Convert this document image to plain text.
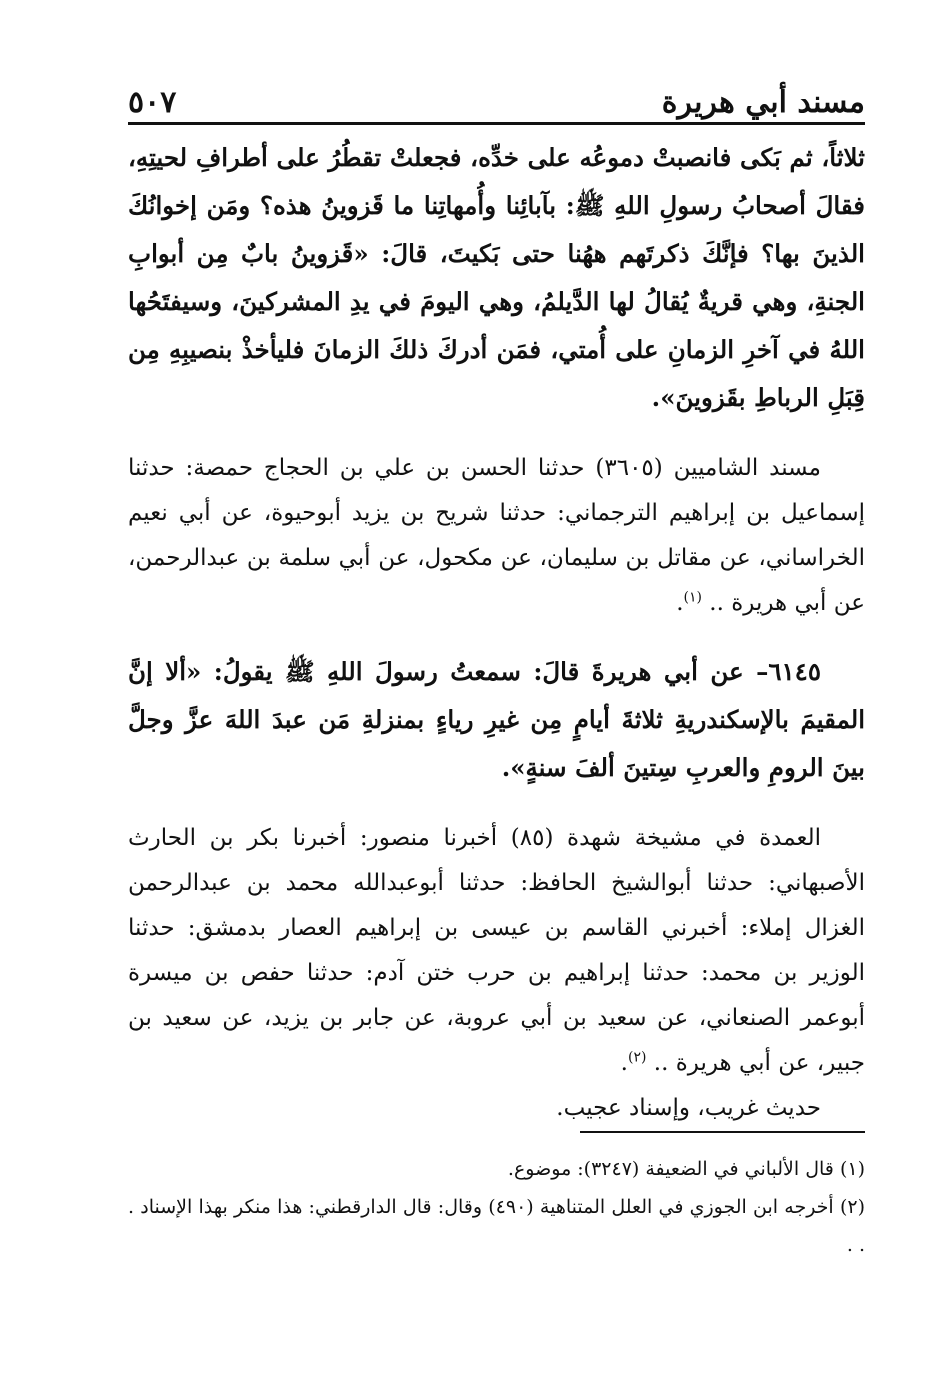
مسند أبي هريرة
٥٠٧

ثلاثاً، ثم بَكى فانصبتْ دموعُه على خدِّه، فجعلتْ تقطُرُ على أطرافِ لحيتِهِ، فقالَ أصحابُ رسولِ اللهِ ﷺ: بآبائِنا وأُمهاتِنا ما قَزوينُ هذه؟ ومَن إخوانُكَ الذينَ بها؟ فإنَّكَ ذكرتَهم ههُنا حتى بَكيتَ، قالَ: «قَزوينُ بابٌ مِن أبوابِ الجنةِ، وهي قريةٌ يُقالُ لها الدَّيلمُ، وهي اليومَ في يدِ المشركينَ، وسيفتَحُها اللهُ في آخرِ الزمانِ على أُمتي، فمَن أدركَ ذلكَ الزمانَ فليأخذْ بنصيبِهِ مِن قِبَلِ الرباطِ بقَزوينَ».

مسند الشاميين (٣٦٠٥) حدثنا الحسن بن علي بن الحجاج حمصة: حدثنا إسماعيل بن إبراهيم الترجماني: حدثنا شريح بن يزيد أبوحيوة، عن أبي نعيم الخراساني، عن مقاتل بن سليمان، عن مكحول، عن أبي سلمة بن عبدالرحمن، عن أبي هريرة .. $^{(١)}$.

٦١٤٥– عن أبي هريرةَ قالَ: سمعتُ رسولَ اللهِ ﷺ يقولُ: «ألا إنَّ المقيمَ بالإسكندريةِ ثلاثةَ أيامٍ مِن غيرِ رياءٍ بمنزلةِ مَن عبدَ اللهَ عزَّ وجلَّ بينَ الرومِ والعربِ سِتينَ ألفَ سنةٍ».

العمدة في مشيخة شهدة (٨٥) أخبرنا منصور: أخبرنا بكر بن الحارث الأصبهاني: حدثنا أبوالشيخ الحافظ: حدثنا أبوعبدالله محمد بن عبدالرحمن الغزال إملاء: أخبرني القاسم بن عيسى بن إبراهيم العصار بدمشق: حدثنا الوزير بن محمد: حدثنا إبراهيم بن حرب ختن آدم: حدثنا حفص بن ميسرة أبوعمر الصنعاني، عن سعيد بن أبي عروبة، عن جابر بن يزيد، عن سعيد بن جبير، عن أبي هريرة .. $^{(٢)}$.

حديث غريب، وإسناد عجيب.

(١) قال الألباني في الضعيفة (٣٢٤٧): موضوع.

(٢) أخرجه ابن الجوزي في العلل المتناهية (٤٩٠) وقال: قال الدارقطني: هذا منكر بهذا الإسناد . . .
